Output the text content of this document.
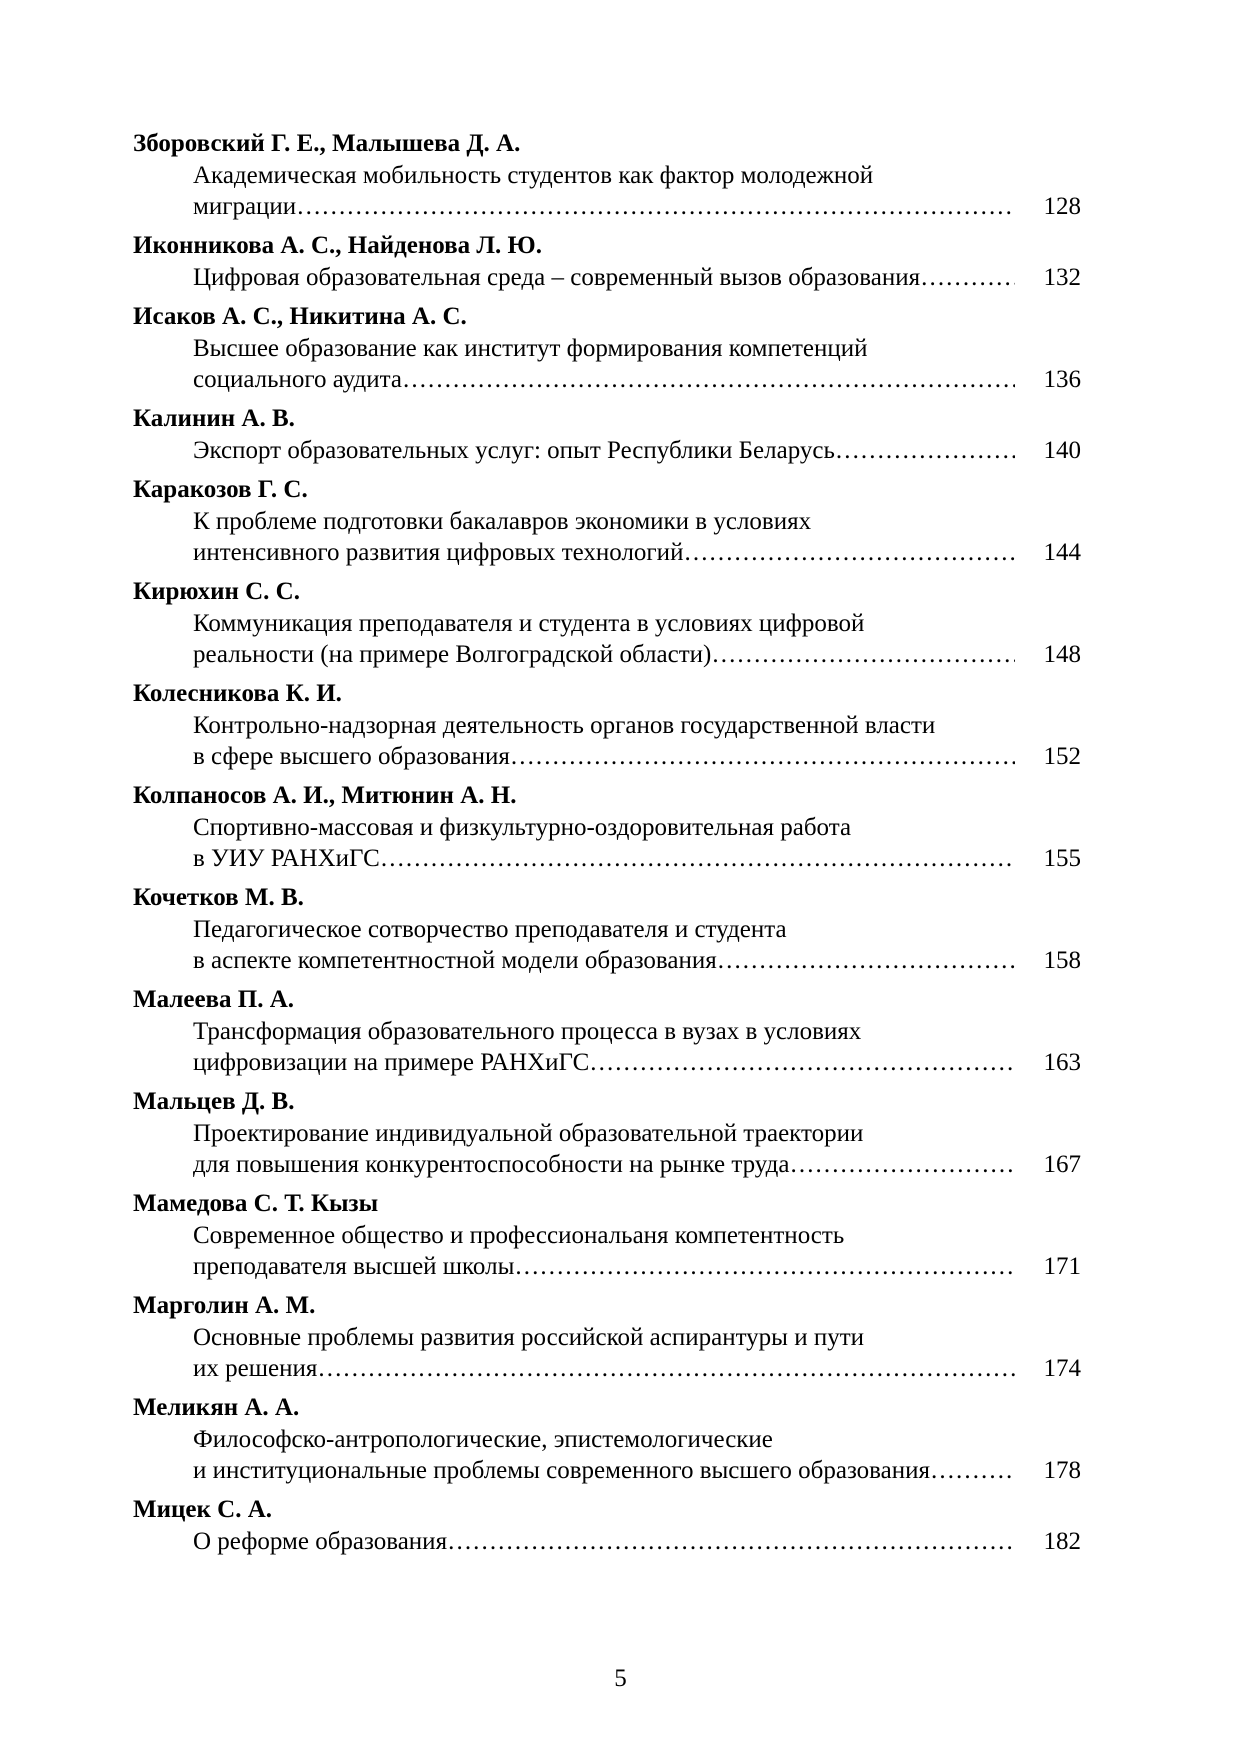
Зборовский Г. Е., Малышева Д. А.
Академическая мобильность студентов как фактор молодежной
миграции …………………………………………………………………………………………………………………………………………………………………	128
Иконникова А. С., Найденова Л. Ю.
Цифровая образовательная среда – современный вызов образования …………………………………………………………………………………………………………………………………………………………………	132
Исаков А. С., Никитина А. С.
Высшее образование как институт формирования компетенций
социального аудита …………………………………………………………………………………………………………………………………………………………………	136
Калинин А. В.
Экспорт образовательных услуг: опыт Республики Беларусь …………………………………………………………………………………………………………………………………………………………………	140
Каракозов Г. С.
К проблеме подготовки бакалавров экономики в условиях
интенсивного развития цифровых технологий …………………………………………………………………………………………………………………………………………………………………	144
Кирюхин С. С.
Коммуникация преподавателя и студента в условиях цифровой
реальности (на примере Волгоградской области) …………………………………………………………………………………………………………………………………………………………………	148
Колесникова К. И.
Контрольно-надзорная деятельность органов государственной власти
в сфере высшего образования …………………………………………………………………………………………………………………………………………………………………	152
Колпаносов А. И., Митюнин А. Н.
Спортивно-массовая и физкультурно-оздоровительная работа
в УИУ РАНХиГС …………………………………………………………………………………………………………………………………………………………………	155
Кочетков М. В.
Педагогическое сотворчество преподавателя и студента
в аспекте компетентностной модели образования …………………………………………………………………………………………………………………………………………………………………	158
Малеева П. А.
Трансформация образовательного процесса в вузах в условиях
цифровизации на примере РАНХиГС …………………………………………………………………………………………………………………………………………………………………	163
Мальцев Д. В.
Проектирование индивидуальной образовательной траектории
для повышения конкурентоспособности на рынке труда …………………………………………………………………………………………………………………………………………………………………	167
Мамедова С. Т. Кызы
Современное общество и профессиональаня компетентность
преподавателя высшей школы …………………………………………………………………………………………………………………………………………………………………	171
Марголин А. М.
Основные проблемы развития российской аспирантуры и пути
их решения …………………………………………………………………………………………………………………………………………………………………	174
Меликян А. А.
Философско-антропологические, эпистемологические
и институциональные проблемы современного высшего образования …………………………………………………………………………………………………………………………………………………………………	178
Мицек С. А.
О реформе образования …………………………………………………………………………………………………………………………………………………………………	182
5
